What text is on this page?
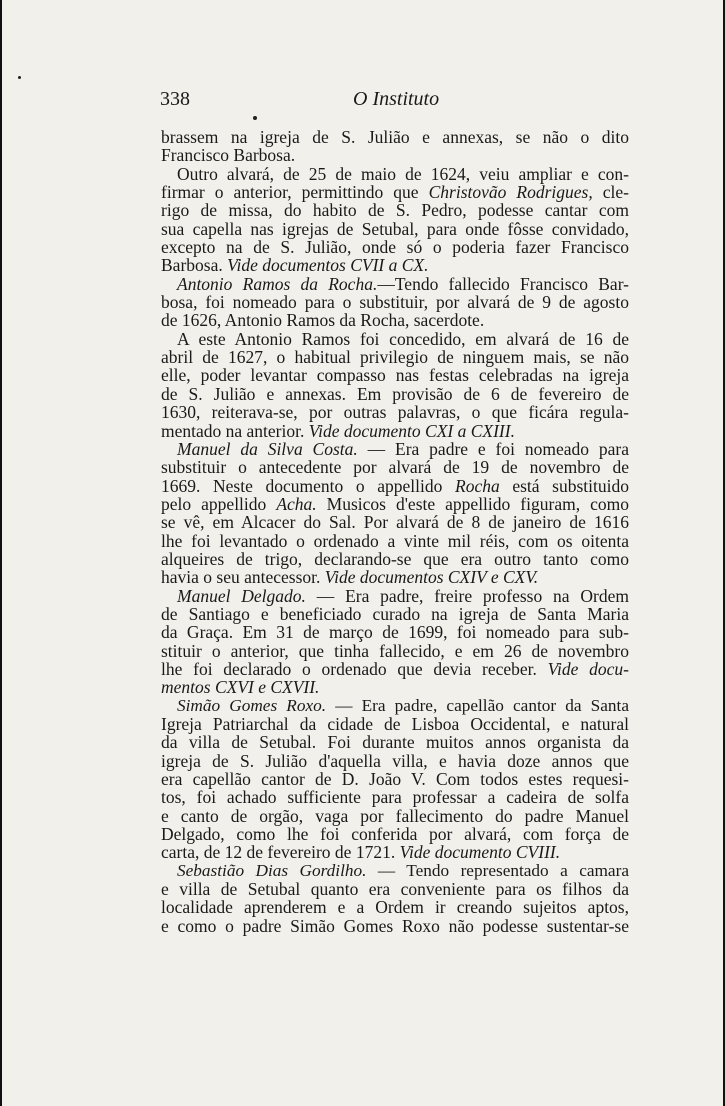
338	O Instituto
brassem na igreja de S. Julião e annexas, se não o dito
Francisco Barbosa.
Outro alvará, de 25 de maio de 1624, veiu ampliar e con-
firmar o anterior, permittindo que Christovão Rodrigues, cle-
rigo de missa, do habito de S. Pedro, podesse cantar com
sua capella nas igrejas de Setubal, para onde fôsse convidado,
excepto na de S. Julião, onde só o poderia fazer Francisco
Barbosa. Vide documentos CVII a CX.
Antonio Ramos da Rocha.—Tendo fallecido Francisco Bar-
bosa, foi nomeado para o substituir, por alvará de 9 de agosto
de 1626, Antonio Ramos da Rocha, sacerdote.
A este Antonio Ramos foi concedido, em alvará de 16 de
abril de 1627, o habitual privilegio de ninguem mais, se não
elle, poder levantar compasso nas festas celebradas na igreja
de S. Julião e annexas. Em provisão de 6 de fevereiro de
1630, reiterava-se, por outras palavras, o que ficára regula-
mentado na anterior. Vide documento CXI a CXIII.
Manuel da Silva Costa. — Era padre e foi nomeado para
substituir o antecedente por alvará de 19 de novembro de
1669. Neste documento o appellido Rocha está substituido
pelo appellido Acha. Musicos d'este appellido figuram, como
se vê, em Alcacer do Sal. Por alvará de 8 de janeiro de 1616
lhe foi levantado o ordenado a vinte mil réis, com os oitenta
alqueires de trigo, declarando-se que era outro tanto como
havia o seu antecessor. Vide documentos CXIV e CXV.
Manuel Delgado. — Era padre, freire professo na Ordem
de Santiago e beneficiado curado na igreja de Santa Maria
da Graça. Em 31 de março de 1699, foi nomeado para sub-
stituir o anterior, que tinha fallecido, e em 26 de novembro
lhe foi declarado o ordenado que devia receber. Vide docu-
mentos CXVI e CXVII.
Simão Gomes Roxo. — Era padre, capellão cantor da Santa
Igreja Patriarchal da cidade de Lisboa Occidental, e natural
da villa de Setubal. Foi durante muitos annos organista da
igreja de S. Julião d'aquella villa, e havia doze annos que
era capellão cantor de D. João V. Com todos estes requesi-
tos, foi achado sufficiente para professar a cadeira de solfa
e canto de orgão, vaga por fallecimento do padre Manuel
Delgado, como lhe foi conferida por alvará, com força de
carta, de 12 de fevereiro de 1721. Vide documento CVIII.
Sebastião Dias Gordilho. — Tendo representado a camara
e villa de Setubal quanto era conveniente para os filhos da
localidade aprenderem e a Ordem ir creando sujeitos aptos,
e como o padre Simão Gomes Roxo não podesse sustentar-se
